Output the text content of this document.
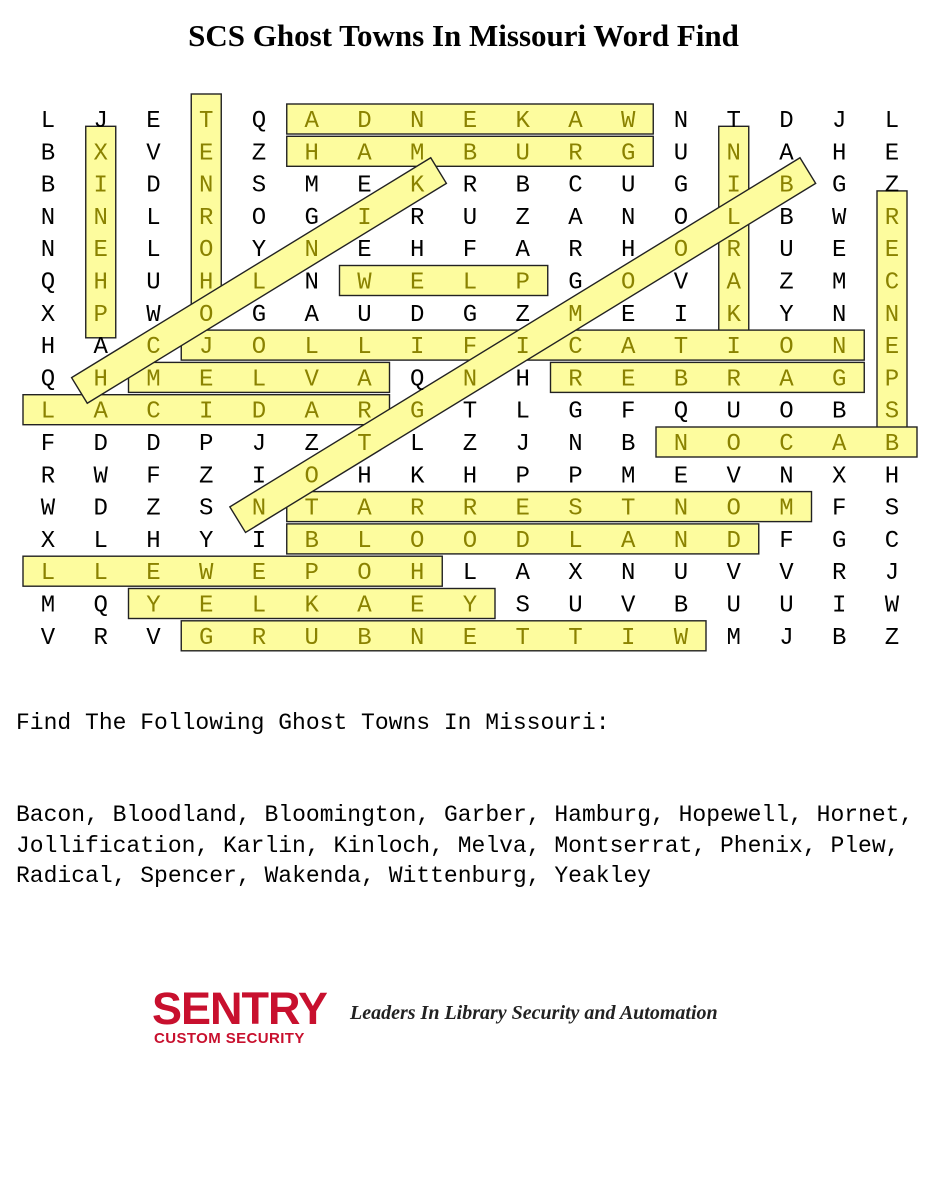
SCS Ghost Towns In Missouri Word Find
L J E T Q A D N E K A W N T D J L
B X V E Z H A M B U R G U N A H E
B I D N S M E K R B C U G I B G Z
N N L R O G I R U Z A N O L B W R
N E L O Y N E H F A R H O R U E E
Q H U H L N W E L P G O V A Z M C
X P W O G A U D G Z M E I K Y N N
H A C J O L L I F I C A T I O N E
Q H M E L V A Q N H R E B R A G P
L A C I D A R G T L G F Q U O B S
F D D P J Z T L Z J N B N O C A B
R W F Z I O H K H P P M E V N X H
W D Z S N T A R R E S T N O M F S
X L H Y I B L O O D L A N D F G C
L L E W E P O H L A X N U V V R J
M Q Y E L K A E Y S U V B U U I W
V R V G R U B N E T T I W M J B Z
Find The Following Ghost Towns In Missouri:
Bacon, Bloodland, Bloomington, Garber, Hamburg, Hopewell, Hornet, Jollification, Karlin, Kinloch, Melva, Montserrat, Phenix, Plew, Radical, Spencer, Wakenda, Wittenburg, Yeakley
SENTRY
CUSTOM SECURITY
Leaders In Library Security and Automation
